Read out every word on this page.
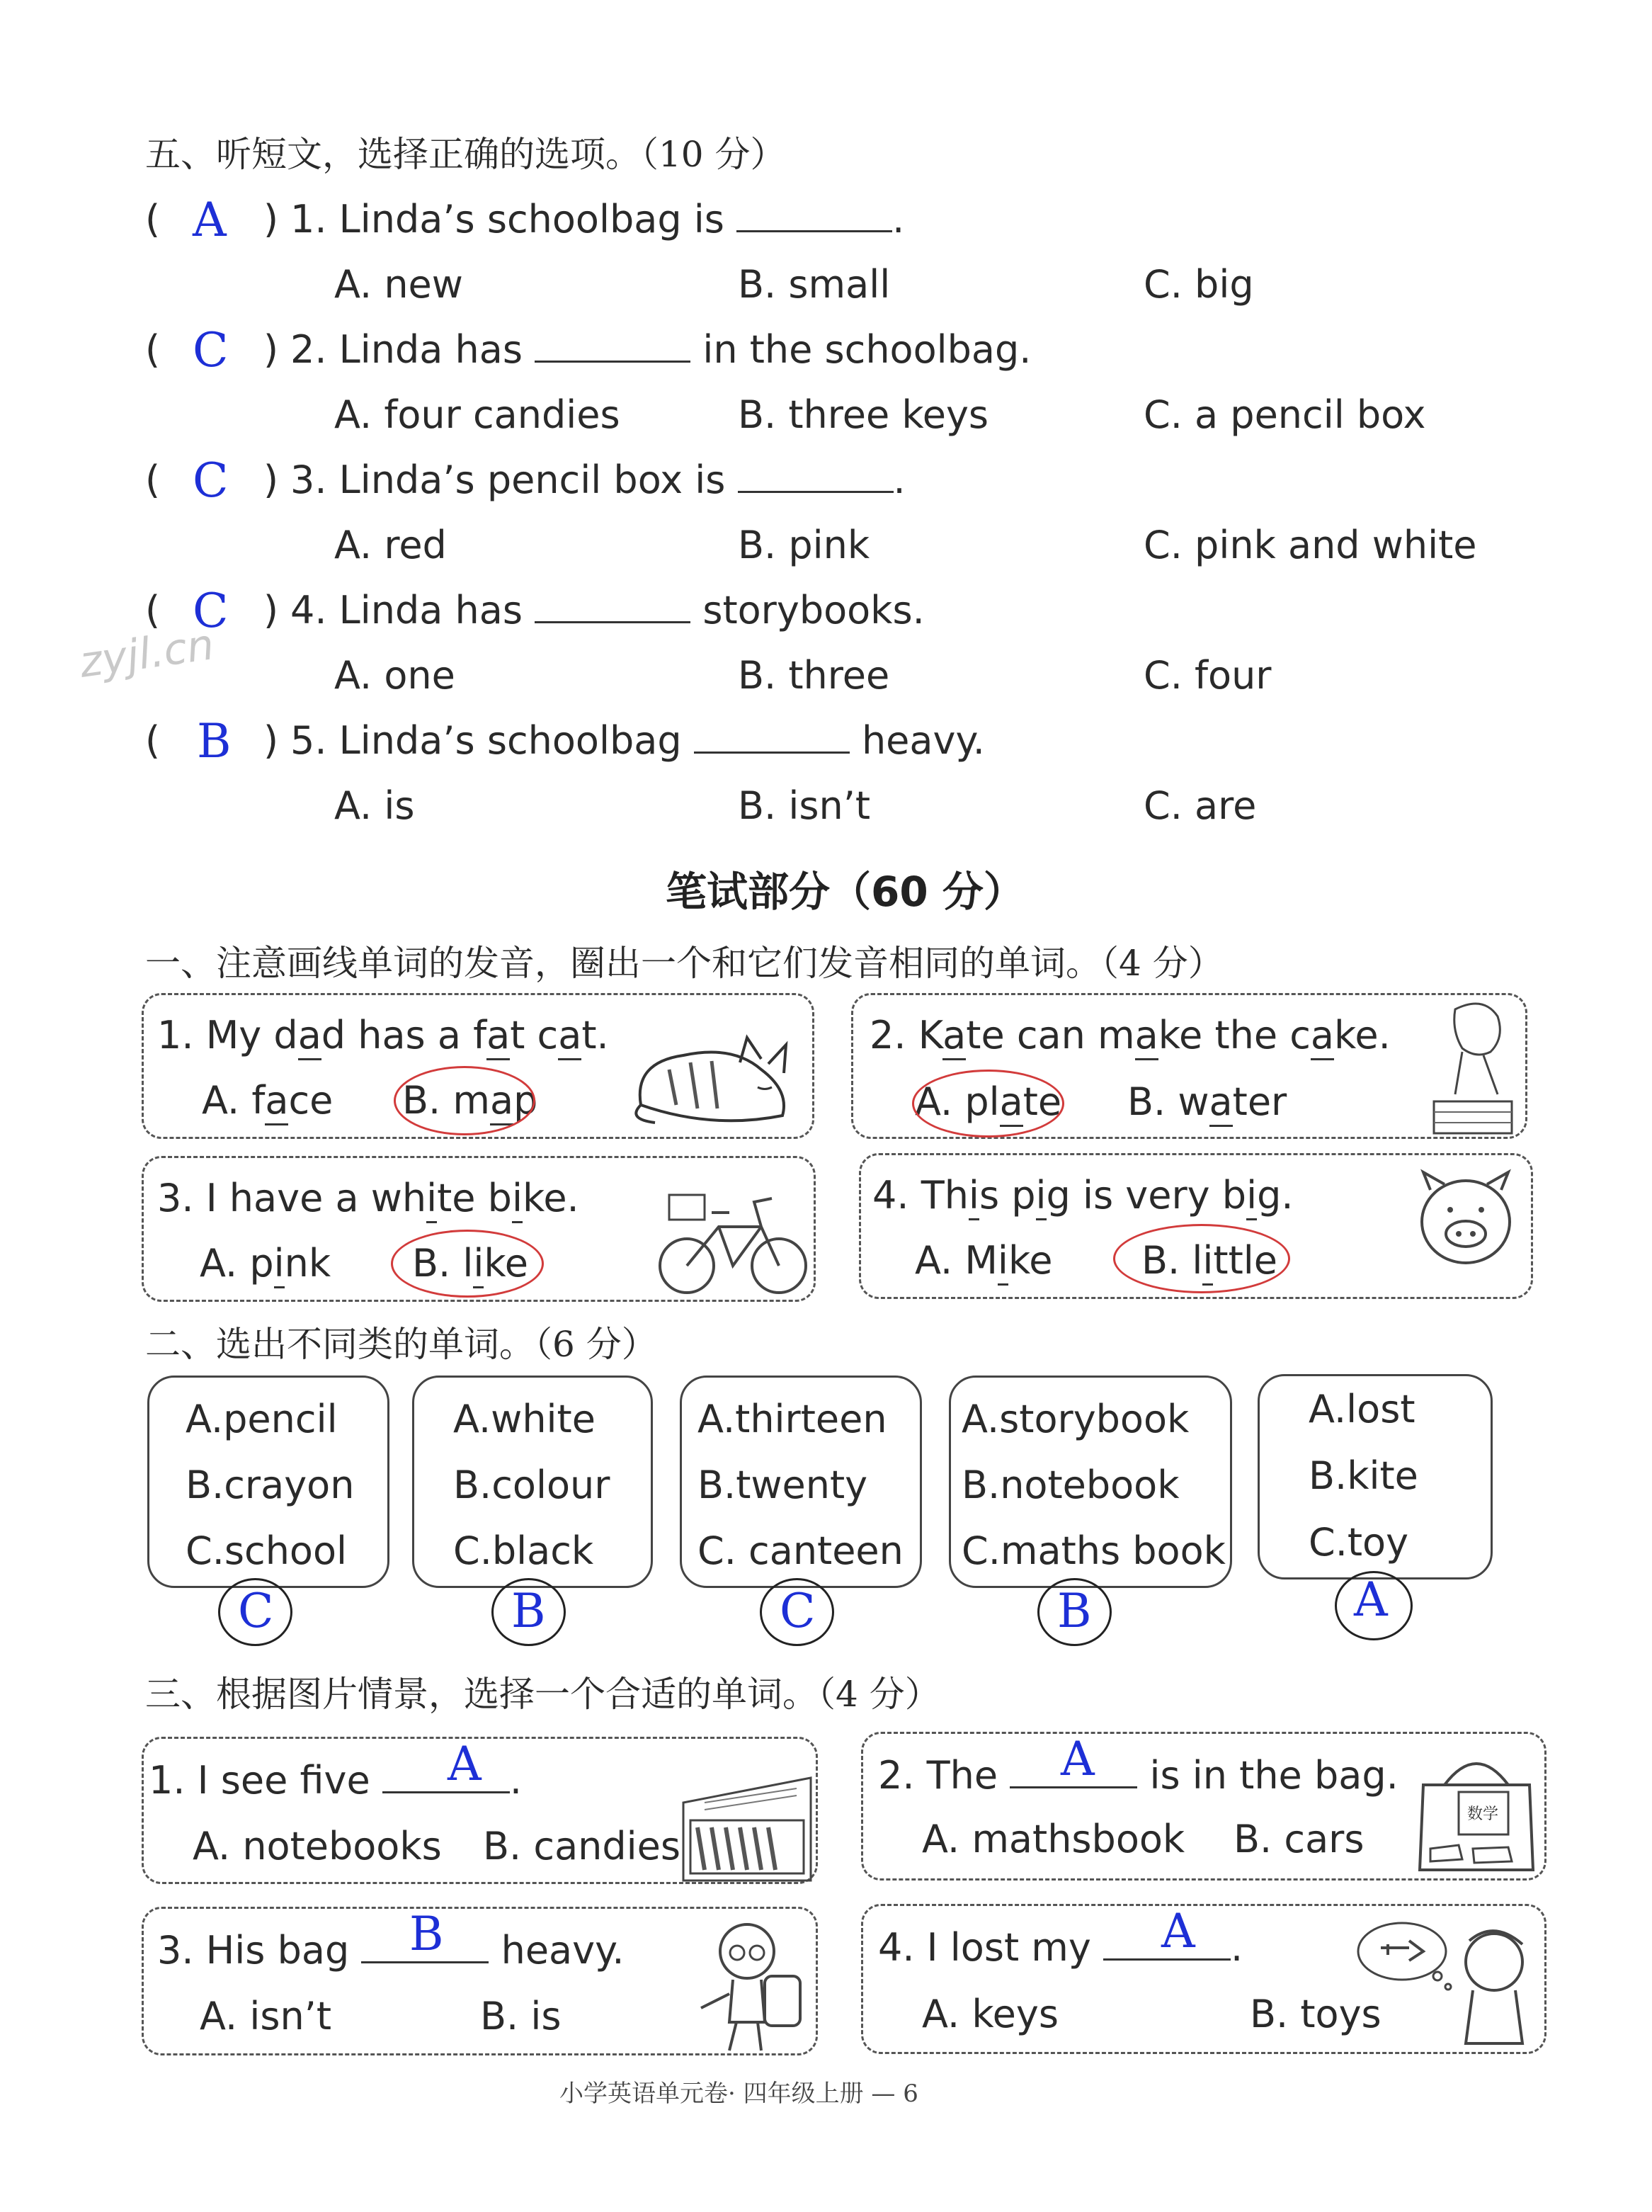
五、听短文，选择正确的选项。（10 分）
( A ) 1. Linda’s schoolbag is	.
A. new	B. small	C. big
( C ) 2. Linda has	in the schoolbag.
A. four candies	B. three keys	C. a pencil box
( C ) 3. Linda’s pencil box is	.
A. red	B. pink	C. pink and white
( C ) 4. Linda has	storybooks.
A. one	B. three	C. four
( B ) 5. Linda’s schoolbag	heavy.
A. is	B. isn’t	C. are
zyjl.cn
笔试部分（60 分）
一、注意画线单词的发音，圈出一个和它们发音相同的单词。（4 分）
1. My dad has a fat cat.
A. face B. map
2. Kate can make the cake.
A. plate B. water
3. I have a white bike.
A. pink B. like
4. This pig is very big.
A. Mike B. little
二、选出不同类的单词。（6 分）
A.pencil
B.crayon
C.school
C
A.white
B.colour
C.black
B
A.thirteen
B.twenty
C. canteen
C
A.storybook
B.notebook
C.maths book
B
A.lost
B.kite
C.toy
A
三、根据图片情景，选择一个合适的单词。（4 分）
1. I see five	.
A
A. notebooks B. candies
2. The	is in the bag.
A
A. mathsbook B. cars
数学
3. His bag	heavy.
B
A. isn’t	B. is
4. I lost my	.
A
A. keys	B. toys
小学英语单元卷· 四年级上册 — 6
